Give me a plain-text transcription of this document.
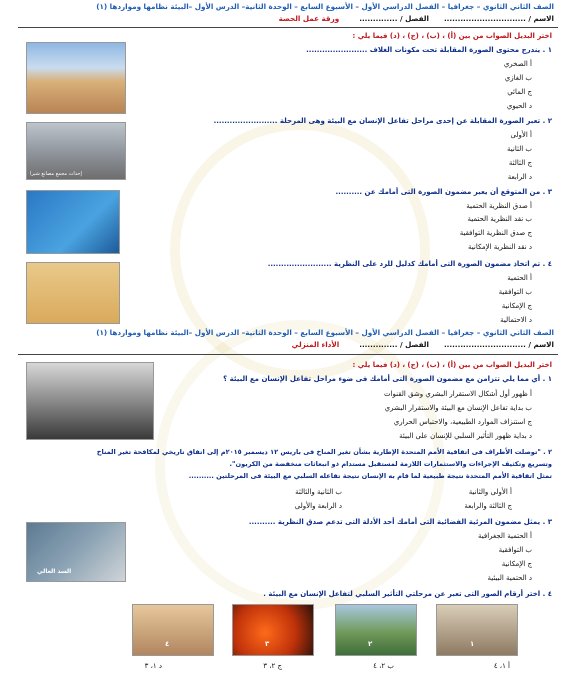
الصف الثاني الثانوي – جغرافيا – الفصل الدراسي الأول – الأسبوع السابع – الوحدة الثانية– الدرس الأول –البيئة نظامها ومواردها (١)
الاسم / ..............................      الفصل / ..............        ورقة عمل الحصة
اختر البديل الصواب من بين (أ) ، (ب) ، (ج) ، (د) فيما يلي :
١ . يندرج محتوى الصورة المقابلة تحت مكونات الغلاف .......................
أ الصخري
ب الغازي
ج المائي
د الحيوي
إحداث مجمع مصانع شبرا
٢ . تعبر الصورة المقابلة عن إحدى مراحل تفاعل الإنسان مع البيئة وهى المرحلة ........................
أ الأولى
ب الثانية
ج الثالثة
د الرابعة
٣ . من المتوقع أن يعبر مضمون الصورة التى أمامك عن ..........
أ صدق النظرية الحتمية
ب نقد النظرية الحتمية
ج صدق النظرية التوافقية
د نقد النظرية الإمكانية
٤ . تم اتخاذ مضمون الصورة التى أمامك كدليل للرد على النظرية ........................
أ الحتمية
ب التوافقية
ج الإمكانية
د الاحتمالية
الصف الثاني الثانوي – جغرافيا – الفصل الدراسي الأول – الأسبوع السابع – الوحدة الثانية– الدرس الأول –البيئة نظامها ومواردها (١)
الاسم / ..............................      الفصل / ..............        الأداء المنزلي
اختر البديل الصواب من بين (أ) ، (ب) ، (ج) ، (د) فيما يلي :
١ . أي مما يلي تتزامن مع مضمون الصورة التى أمامك فى ضوء مراحل تفاعل الإنسان مع البيئة ؟
أ ظهور أول أشكال الاستقرار البشري وشق القنوات
ب بداية تفاعل الإنسان مع البيئة والاستقرار البشري
ج استنزاف الموارد الطبيعية، والاحتباس الحراري
د بداية ظهور التأثير السلبي للإنسان على البيئة
٢ . "توصلت الأطراف فى اتفاقية الأمم المتحدة الإطارية بشأن تغير المناخ فى باريس ١٢ ديسمبر ٢٠١٥م إلى اتفاق تاريخي لمكافحة تغير المناخ
وتسريع وتكثيف الإجراءات والاستثمارات اللازمة لمستقبل مستدام ذو انبعاثات منخفضة من الكربون".
تمثل اتفاقية الأمم المتحدة نتيجة طبيعية لما قام به الإنسان نتيجة تفاعله السلبي مع البيئة فى المرحلتين ..........
أ الأولى والثانية
ب الثانية والثالثة
ج الثالثة والرابعة
د الرابعة والأولى
السد العالي
٣ . يمثل مضمون المرئية الفضائية التى أمامك أحد الأدلة التى تدعم صدق النظرية ..........
أ الحتمية الجغرافية
ب التوافقية
ج الإمكانية
د الحتمية البيئية
٤ . اختر أرقام الصور التى تعبر عن مرحلتي التأثير السلبي لتفاعل الإنسان مع البيئة .
٤	٣	٢	١
أ ١، ٤
ب ٢، ٤
ج ٢، ٣
د ١، ٣
